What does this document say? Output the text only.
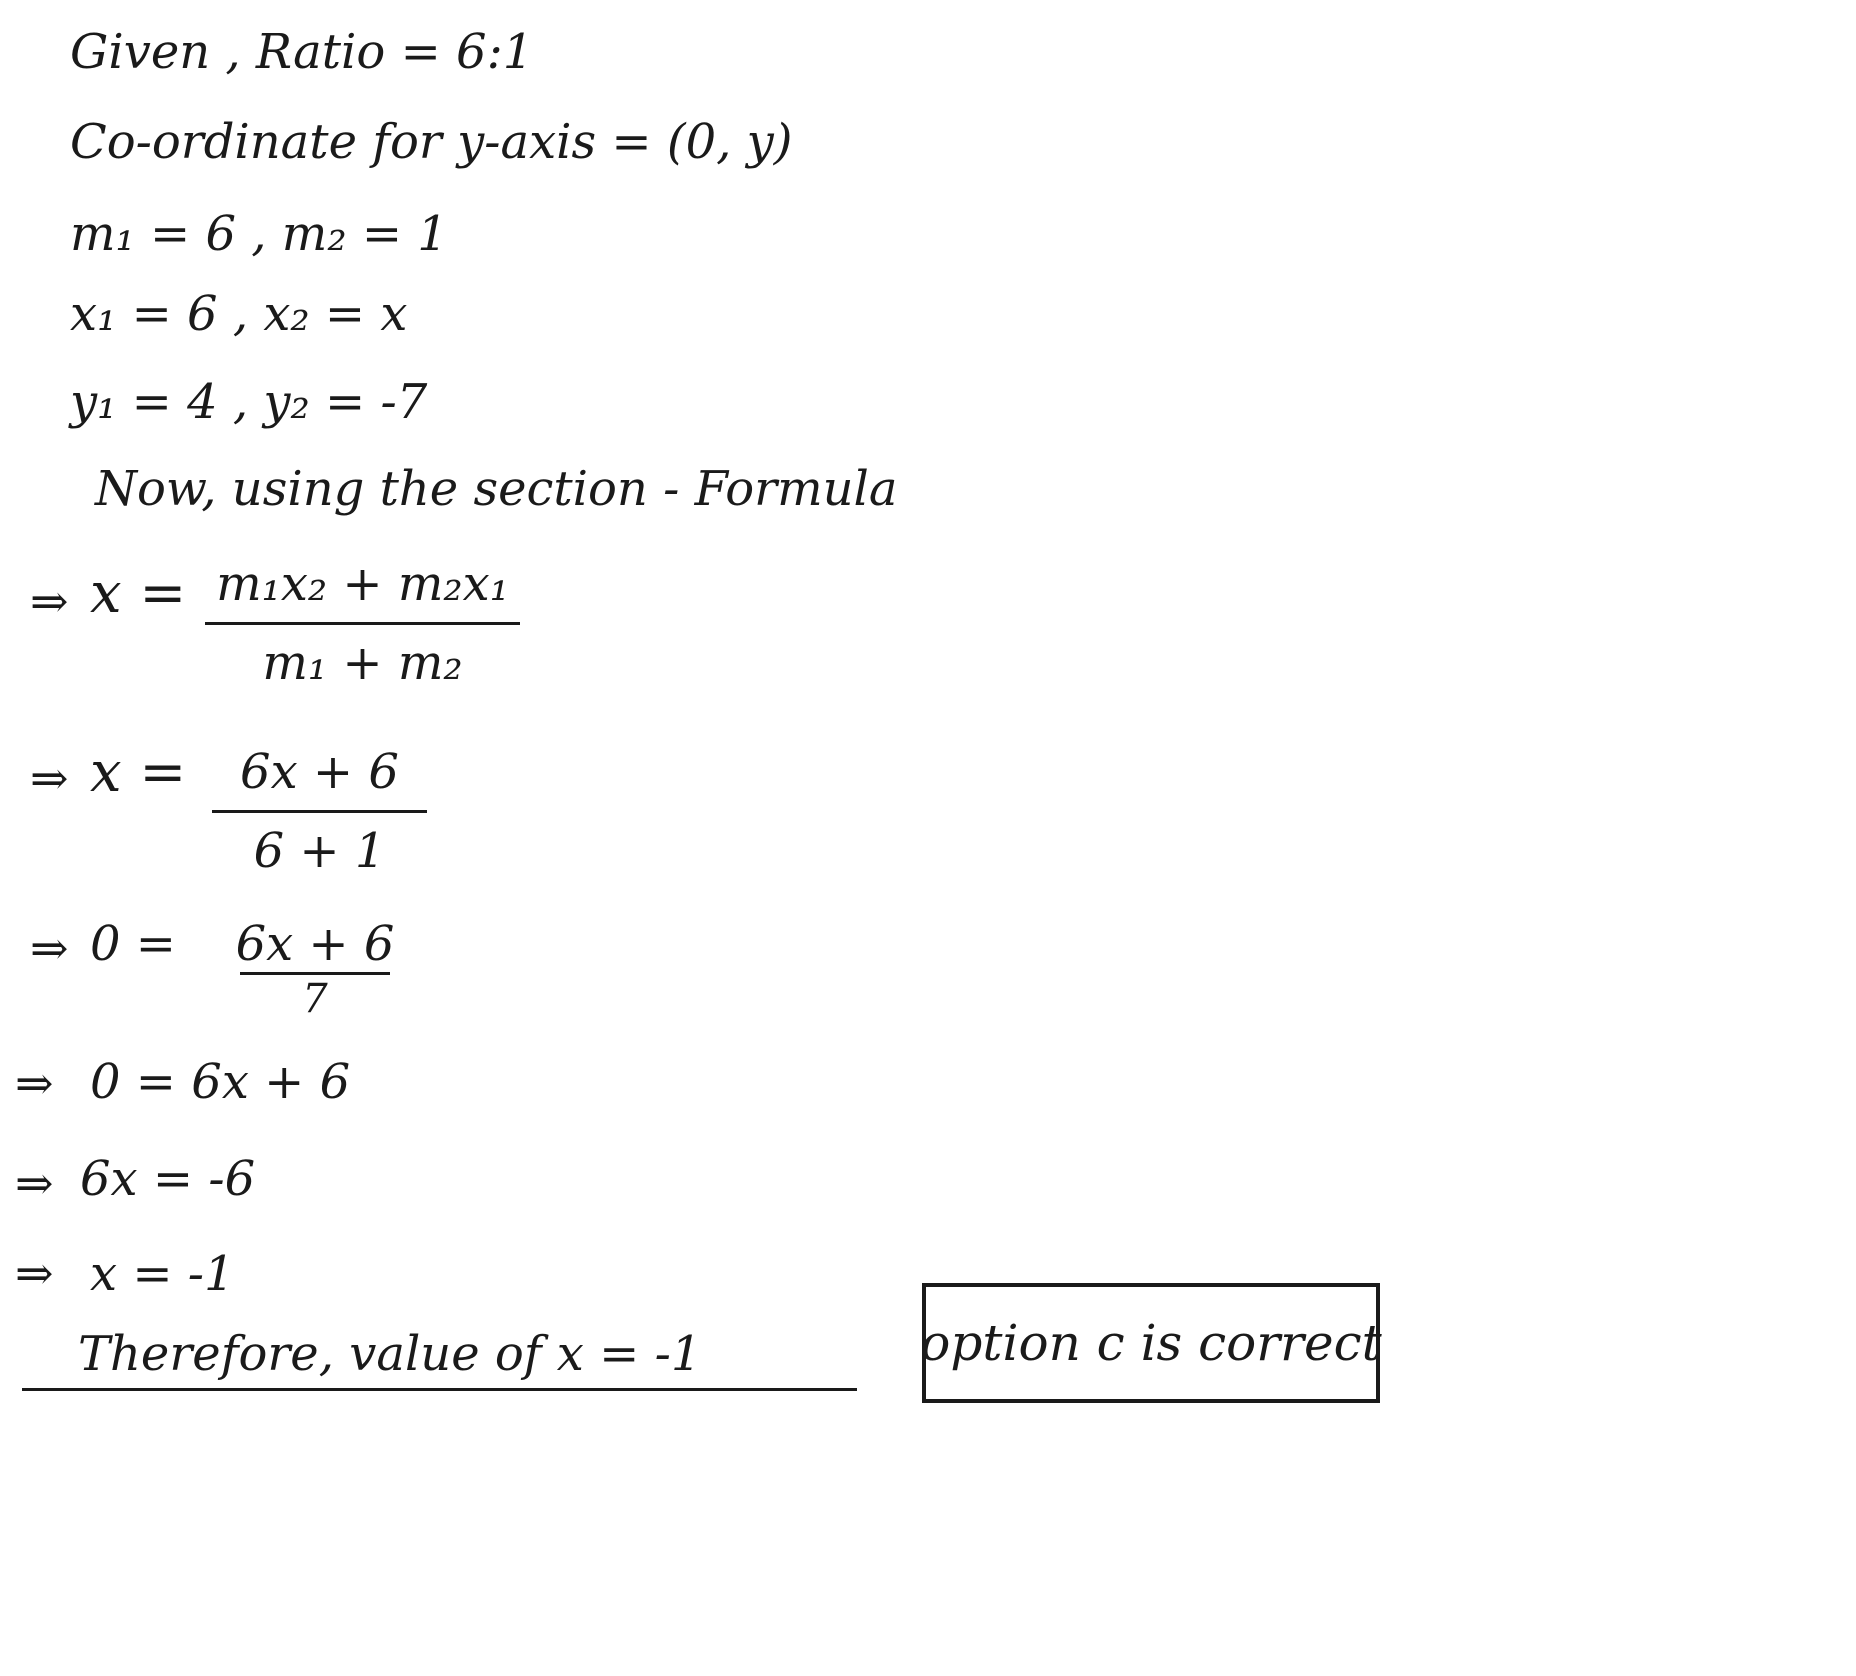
Given , Ratio = 6:1
Co-ordinate for y-axis = (0, y)
m₁ = 6 , m₂ = 1
x₁ = 6 , x₂ = x
y₁ = 4 , y₂ = -7
Now, using the section - Formula
⇒ x = m₁x₂ + m₂x₁
m₁ + m₂
⇒ x = 6x + 6
6 + 1
⇒ 0 = 6x + 6
7
⇒ 0 = 6x + 6
⇒ 6x = -6
⇒ x = -1
Therefore, value of x = -1	option c is correct
